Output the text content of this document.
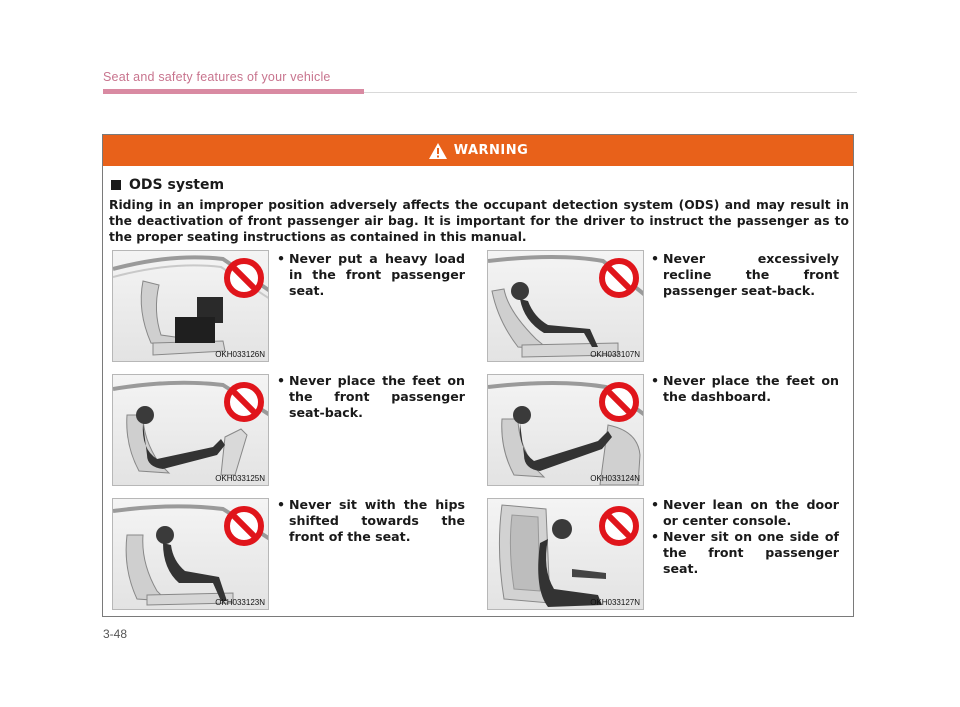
Seat and safety features of your vehicle
WARNING
ODS system
Riding in an improper position adversely affects the occupant detection system (ODS) and may result in the deactivation of front passenger air bag. It is important for the driver to instruct the passenger as to the proper seating instructions as contained in this manual.
OKH033126N
• Never put a heavy load in the front passenger seat.
OKH033107N
• Never excessively recline the front passenger seat-back.
OKH033125N
• Never place the feet on the front passenger seat-back.
OKH033124N
• Never place the feet on the dashboard.
OKH033123N
• Never sit with the hips shifted towards the front of the seat.
OKH033127N
• Never lean on the door or center console.
• Never sit on one side of the front passenger seat.
3-48
